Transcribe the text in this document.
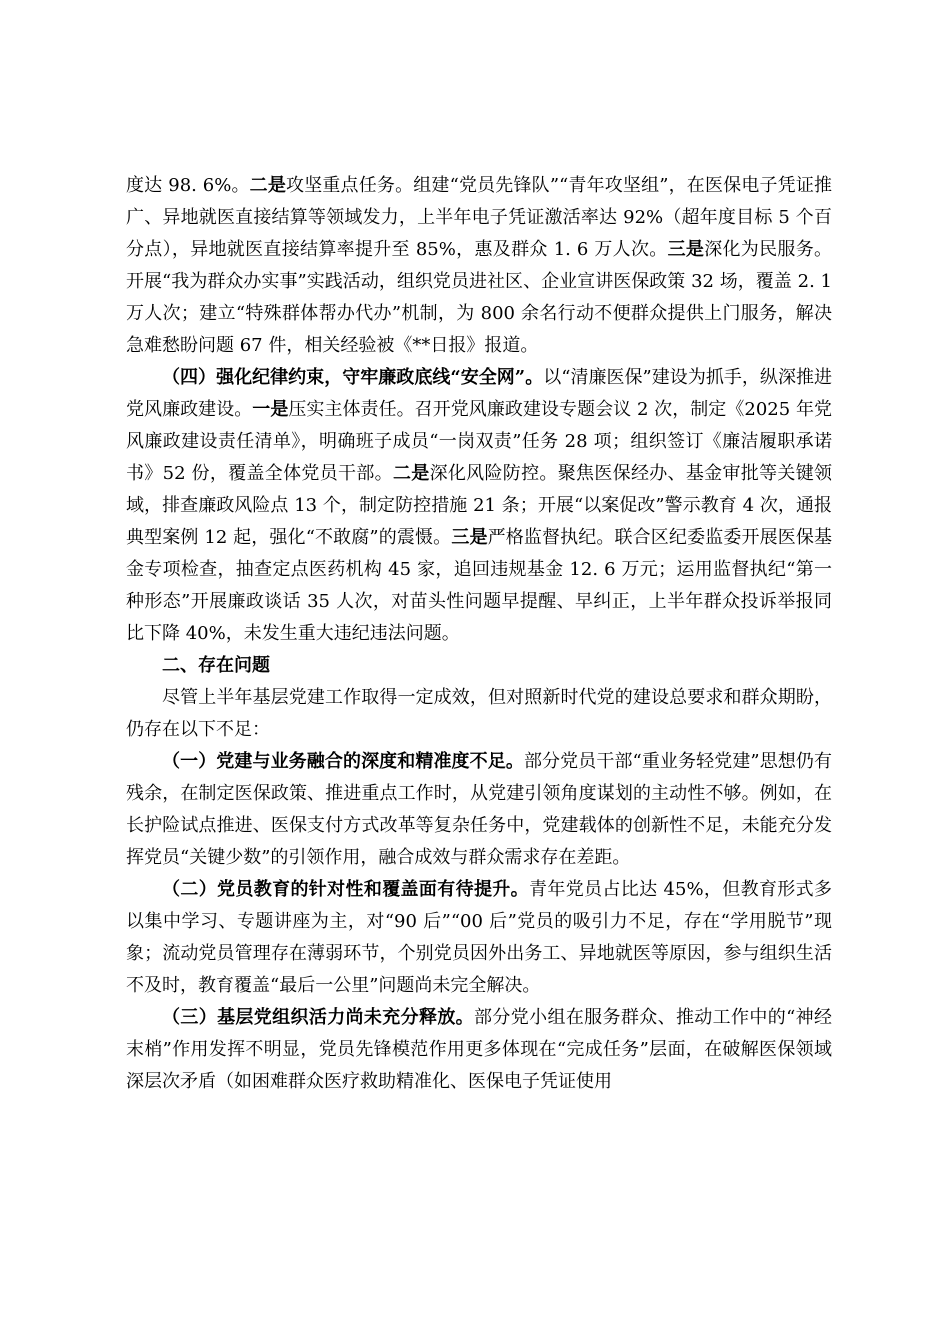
度达 98. 6%。二是攻坚重点任务。组建“党员先锋队”“青年攻坚组”，在医保电子凭证推广、异地就医直接结算等领域发力，上半年电子凭证激活率达 92%（超年度目标 5 个百分点），异地就医直接结算率提升至 85%，惠及群众 1. 6 万人次。三是深化为民服务。开展“我为群众办实事”实践活动，组织党员进社区、企业宣讲医保政策 32 场，覆盖 2. 1 万人次；建立“特殊群体帮办代办”机制，为 800 余名行动不便群众提供上门服务，解决急难愁盼问题 67 件，相关经验被《**日报》报道。

（四）强化纪律约束，守牢廉政底线“安全网”。以“清廉医保”建设为抓手，纵深推进党风廉政建设。一是压实主体责任。召开党风廉政建设专题会议 2 次，制定《2025 年党风廉政建设责任清单》，明确班子成员“一岗双责”任务 28 项；组织签订《廉洁履职承诺书》52 份，覆盖全体党员干部。二是深化风险防控。聚焦医保经办、基金审批等关键领域，排查廉政风险点 13 个，制定防控措施 21 条；开展“以案促改”警示教育 4 次，通报典型案例 12 起，强化“不敢腐”的震慑。三是严格监督执纪。联合区纪委监委开展医保基金专项检查，抽查定点医药机构 45 家，追回违规基金 12. 6 万元；运用监督执纪“第一种形态”开展廉政谈话 35 人次，对苗头性问题早提醒、早纠正，上半年群众投诉举报同比下降 40%，未发生重大违纪违法问题。

二、存在问题

尽管上半年基层党建工作取得一定成效，但对照新时代党的建设总要求和群众期盼，仍存在以下不足：

（一）党建与业务融合的深度和精准度不足。部分党员干部“重业务轻党建”思想仍有残余，在制定医保政策、推进重点工作时，从党建引领角度谋划的主动性不够。例如，在长护险试点推进、医保支付方式改革等复杂任务中，党建载体的创新性不足，未能充分发挥党员“关键少数”的引领作用，融合成效与群众需求存在差距。

（二）党员教育的针对性和覆盖面有待提升。青年党员占比达 45%，但教育形式多以集中学习、专题讲座为主，对“90 后”“00 后”党员的吸引力不足，存在“学用脱节”现象；流动党员管理存在薄弱环节，个别党员因外出务工、异地就医等原因，参与组织生活不及时，教育覆盖“最后一公里”问题尚未完全解决。

（三）基层党组织活力尚未充分释放。部分党小组在服务群众、推动工作中的“神经末梢”作用发挥不明显，党员先锋模范作用更多体现在“完成任务”层面，在破解医保领域深层次矛盾（如困难群众医疗救助精准化、医保电子凭证使用
